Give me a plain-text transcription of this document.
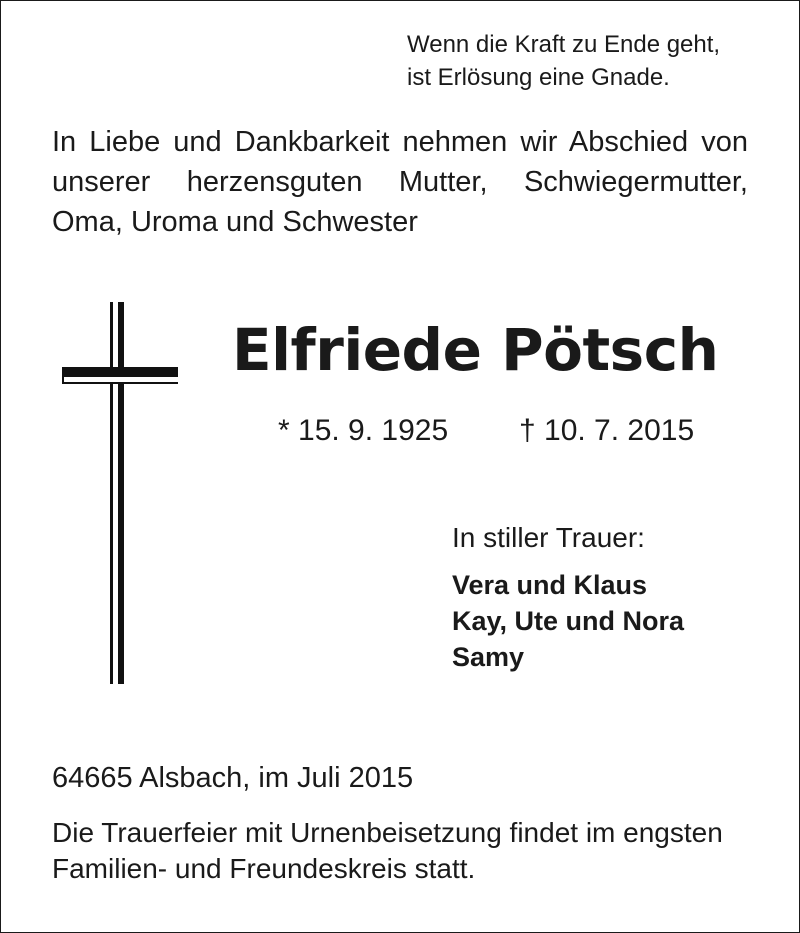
Wenn die Kraft zu Ende geht,
ist Erlösung eine Gnade.
In Liebe und Dankbarkeit nehmen wir Abschied von
unserer herzensguten Mutter, Schwiegermutter,
Oma, Uroma und Schwester
Elfriede Pötsch
* 15. 9. 1925 † 10. 7. 2015
In stiller Trauer:
Vera und Klaus
Kay, Ute und Nora
Samy
64665 Alsbach, im Juli 2015
Die Trauerfeier mit Urnenbeisetzung findet im engsten
Familien- und Freundeskreis statt.
